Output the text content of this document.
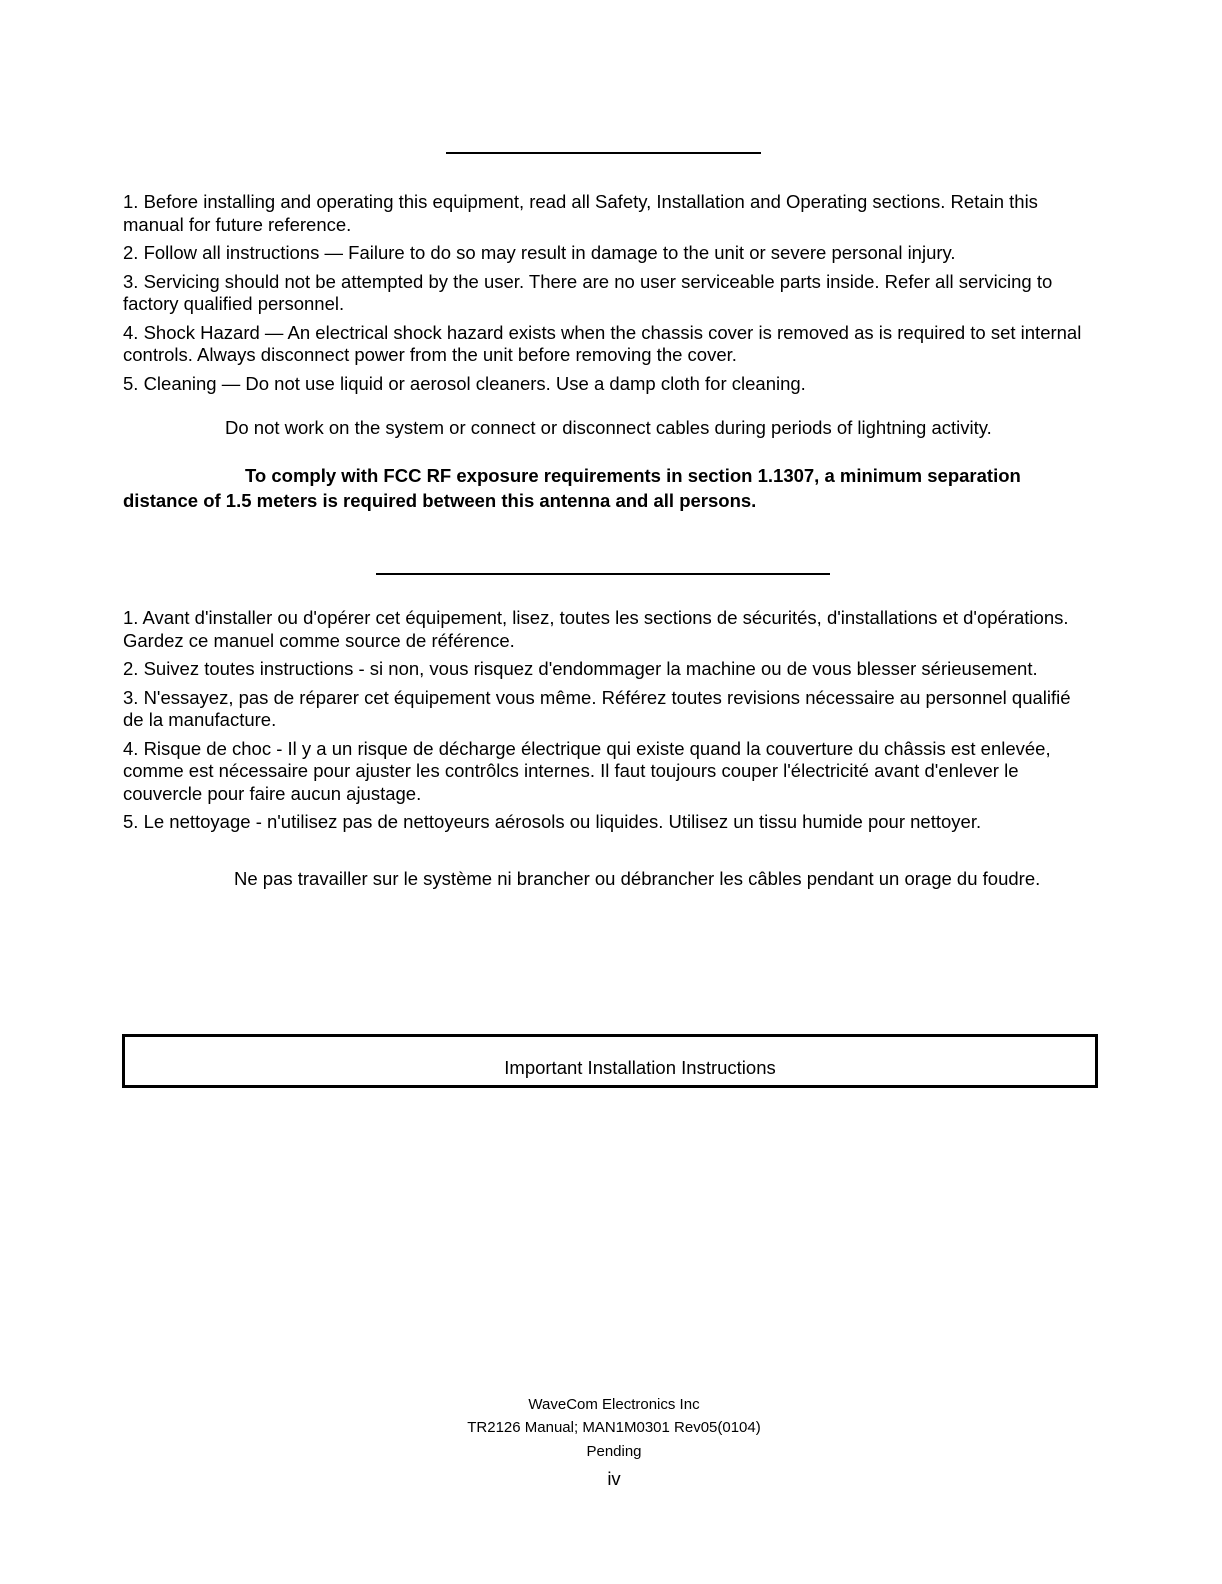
1. Before installing and operating this equipment, read all Safety, Installation and Operating sections. Retain this manual for future reference.

2. Follow all instructions — Failure to do so may result in damage to the unit or severe personal injury.

3. Servicing should not be attempted by the user. There are no user serviceable parts inside. Refer all servicing to factory qualified personnel.

4. Shock Hazard — An electrical shock hazard exists when the chassis cover is removed as is required to set internal controls. Always disconnect power from the unit before removing the cover.

5. Cleaning — Do not use liquid or aerosol cleaners. Use a damp cloth for cleaning.

Do not work on the system or connect or disconnect cables during periods of lightning activity.
To comply with FCC RF exposure requirements in section 1.1307, a minimum separation distance of 1.5 meters is required between this antenna and all persons.

1. Avant d'installer ou d'opérer cet équipement, lisez, toutes les sections de sécurités, d'installations et d'opérations. Gardez ce manuel comme source de référence.

2. Suivez toutes instructions - si non, vous risquez d'endommager la machine ou de vous blesser sérieusement.

3. N'essayez, pas de réparer cet équipement vous même. Référez toutes revisions nécessaire au personnel qualifié de la manufacture.

4. Risque de choc - Il y a un risque de décharge électrique qui existe quand la couverture du châssis est enlevée, comme est nécessaire pour ajuster les contrôlcs internes. Il faut toujours couper l'électricité avant d'enlever le couvercle pour faire aucun ajustage.

5. Le nettoyage - n'utilisez pas de nettoyeurs aérosols ou liquides. Utilisez un tissu humide pour nettoyer.

Ne pas travailler sur le système ni brancher ou débrancher les câbles pendant un orage du foudre.
Important Installation Instructions
WaveCom Electronics Inc
TR2126 Manual; MAN1M0301 Rev05(0104)
Pending
iv
